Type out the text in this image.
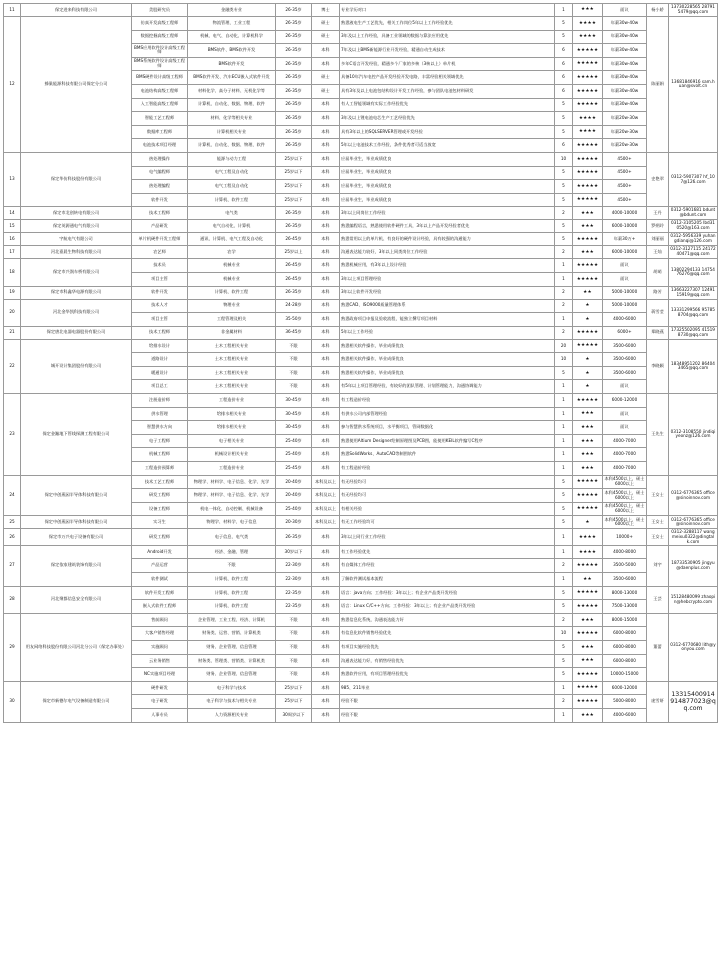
11	保定进来科技有限公司	美股研究员	金融类专业	26-35岁	博士	专业学历对口	1	★★★	面议	杨小娇	13730228565 287915479@qq.com
12	蜂巢能源科技有限公司保定分公司	仿真开发高级工程师	物流管理、工业工程	26-35岁	硕士	熟悉液电生产工艺优先，相关工作岗位5年以上工作经验优先	5	★★★★	年薪30w-40w	陈丽娟	13681846916 sam.huan@svolt.cn
		数据挖掘高级工程师	机械、电气、自动化、计算机科学	26-35岁	硕士	3年及以上工作经验，具备工业领域的数据与算法应用优先	5	★★★★	年薪30w-40w		
		BMS应用软件设计高级工程师	BMS软件、BMS软件开发	26-35岁	本科	7年及以上BMS新能源行业开发经验，精通自动生成技术	6	★★★★★	年薪30w-40w		
		BMS系统软件设计高级工程师	BMS软件开发	26-35岁	本科	多年C语言开发经验，精通多个厂家的多核（3核以上）单片机	6	★★★★★	年薪30w-40w		
		BMS硬件设计高级工程师	BMS软件开发、汽车ECU嵌入式软件开发	26-35岁	硕士	具备10年汽车电控产品开发经验开发电路，丰富经验相关领域优先	6	★★★★★	年薪30w-40w		
		电池结构高级工程师	材料化学、高分子材料、无机化学等	26-35岁	硕士	具有3年及以上电池包结构设计开发工作经验，参与团队电池包材料研发	6	★★★★★	年薪30w-40w		
		入工智能高级工程师	计算机、自动化、数据、物理、软件	26-35岁	本科	有人工智能领域有实际工作经验优先	5	★★★★★	年薪30w-40w		
		智能工艺工程师	材料、化学等相关专业	26-35岁	本科	3年及以上锂电池电芯生产工艺经验优先	5	★★★★	年薪20w-30w		
		数据库工程师	计算机相关专业	26-35岁	本科	具有3年以上的SQLSERVER管理或开发经验	5	★★★★	年薪20w-30w		
		电池技术项目经理	计算机、自动化、数据、物理、软件	26-35岁	本科	5年以上电池技术工作经验，条件优秀者可适当放宽	6	★★★★★	年薪20w-30w		
13	保定华仿科技股份有限公司	热处理操作	能源与动力工程	25岁以下	本科	应届毕业生，毕业成绩优良	10	★★★★★	4500+	史艳翠	0312-5907307 hf_107@126.com
		电气编程师	电气工程及自动化	25岁以下	本科	应届毕业生，毕业成绩优良	5	★★★★★	4500+		
		热处理编程	电气工程及自动化	25岁以下	本科	应届毕业生，毕业成绩优良	5	★★★★★	4500+		
		软件开发	计算机、软件工程	25岁以下	本科	应届毕业生，毕业成绩优良	5	★★★★★	4500+		
14	保定市北创转电有限公司	技术工程师	电气类	26-35岁	本科	3年以上同岗位工作经验	2	★★★	4000-10000	王丹	0312-5901681 bdunt@bdunt.com
15	保定英源通电气有限公司	产品研发	电气自动化、计算机	26-35岁	本科	熟悉编程语言，熟悉使用软件硬件工具，3年以上产品开发经验者优先	5	★★★	6000-10000	罗朔玲	0312-3105205 lbd310520@163.com
16	宇航电气有限公司	单片机硬件开发工程师	通讯、计算机、电气工程及自动化	26-45岁	本科	熟悉常用以上的单片机、有良好的硬件设计经验，具有较强的沟通能力	5	★★★★★	年薪30万+	刘丽丽	0312-5956339 yuhangdianqi@126.com
17	河北嘉晨生物科技有限公司	农艺师	农学	25岁以上	本科	沟通表达能力较好，3年以上同类岗位工作经验	2	★★★	6000-10000	王灿	0312-3127115 2417240471@qq.com
18	保定市兴润车桥有限公司	技术员	机械专业	26-45岁	本科	熟悉机械应用，有3年以上设计经验	1	★★★★★	面议	胡萌	13802294133 1475476276@qq.com
		项目主管	机械专业	26-45岁	本科	3年以上项目管理经验	1	★★★★★	面议		
19	保定市科鑫华电源有限公司	软件开发	计算机、软件工程	26-35岁	本科	3年以上软件开发经验	2	★★	5000-10000	路芳	13663227307 1249115919@qq.com
20	河北金华凯科技有限公司	技术人才	物理专业	24-28岁	本科	熟悉CAD、ISO9000质量管理体系	2	★	5000-10000	蒋雪莹	13331299566 957858704@qq.com
		项目主管	工程管理及相关	35-50岁	本科	熟悉政府项目申报及验收流程，能独立撰写项目材料	1	★	4000-6000		
21	保定唐北电器电器股份有限公司	技术工程师	非金属材料	36-45岁	本科	5年以上工作经验	2	★★★★★	6000+	郑晓燕	17325502095 415198730@qq.com
22	城开设计集团股份有限公司	给排水设计	土木工程相关专业	不限	本科	熟悉相关软件操作，毕业成绩优良	20	★★★★★	3500-6000	李晓颖	18348951202 864043465@qq.com
		道路设计	土木工程相关专业	不限	本科	熟悉相关软件操作，毕业成绩优良	10	★	3500-6000		
		暖通设计	土木工程相关专业	不限	本科	熟悉相关软件操作，毕业成绩优良	5	★	3500-6000		
		项目总工	土木工程相关专业	不限	本科	有5年以上项目管理经验，有较好的团队管理、计划管理能力，沟通协调能力	1	★	面议		
23	保定金瀚地下管线探测工程有限公司	注册造价师	工程造价专业	30-45岁	本科	有工程造价经验	1	★★★★★	6000-12000	王先生	0312-3108550 jindiqiyeonz@126.com
		供水管理	给排水相关专业	30-45岁	本科	有供水公司内部管理经验	1	★★★	面议		
		智慧供水方向	给排水相关专业	30-45岁	本科	参与智慧供水系统项目，水平衡项目，管网数据化	1	★★★	面议		
		电子工程师	电子相关专业	25-40岁	本科	熟悉使用Altium Designer绘制原理图及PCB图，能使用KEIL软件编写C程序	1	★★★	4000-7000		
		机械工程师	机械设计相关专业	25-40岁	本科	熟悉SolidWorks、AutoCAD等制图软件	1	★★★	4000-7000		
		工程造价预算师	工程造价专业	25-45岁	本科	有工程造价经验	1	★★★	4000-7000		
24	保定中创燕园半导体科技有限公司	技术工艺工程师	物理学、材料学、电子信息、化学、光学	20-40岁	本科及以上	有无经验均可	5	★★★★★	本科4500以上，硕士6000以上	王女士	0312-6776365 office@sinoinnov.com
		研发工程师	物理学、材料学、电子信息、化学、光学	20-40岁	本科及以上	有无经验均可	5	★★★★★	本科4500以上，硕士6000以上		
		设备工程师	机电一体化、自动控制、机械设备	25-40岁	本科及以上	有相关经验	5	★★★★★	本科4500以上，硕士6000以上		
25	保定中创燕园半导体科技有限公司	实习生	物理学、材料学、电子信息	20-30岁	本科及以上	有无工作经验均可	5	★	本科4500以上，硕士6000以上	王女士	0312-6776365 office@sinoinnov.com
26	保定市万兴电子设备有限公司	研发工程师	电子信息、电气类	26-35岁	本科	3年以上同行业工作经验	1	★★★★	10000+	王女士	0312-3288117 wangmeixu0322@dingtalk.com
27	保定依家建筑装饰有限公司	Android开发	经济、金融、管理	30岁以下	本科	有工作经验优先	1	★★★★	4000-8000	刘宇	18733530905 jingyu@daenplus.com
		产品运营	不限	22-30岁	本科	有自媒体工作经验	2	★★★★★	3500-5000		
		软件测试	计算机、软件工程	22-30岁	本科	了解软件测试基本流程	1	★★	3500-6000		
28	河北聚都信息安全有限公司	软件开发工程师	计算机、软件工程	22-35岁	本科	语言：java方向；工作经验：3年以上；有企业产品类开发经验	5	★★★★★	8000-13000	王芸	15128480099 zhaopin@hebcrypto.com
		嵌入式软件工程师	计算机、软件工程	22-35岁	本科	语言：Linux C/C++方向；工作经验：3年以上；有企业产品类开发经验	5	★★★★★	7500-13000		
29	用友网络科技股份有限公司河北分公司（保定办事处）	售前顾问	企业管理、工业工程、经济、计算机	不限	本科	熟悉信息化系统，沟通表达能力好	2	★★★	8000-15000	董蕾	0312-6770680 lith@yonyou.com
		大客户销售经理	财务类、运营、营销、计算机类	不限	本科	有信息化软件销售经验优先	10	★★★★★	6000-8000		
		实施顾问	财务、企业管理、信息管理	不限	本科	有项目实施经验优先	5	★★★	6000-8000		
		云业务销售	财务类、管理类、营销类、计算机类	不限	本科	沟通表达能力好，有销售经验优先	5	★★★	6000-8000		
		NC实施项目经理	财务、企业管理、信息管理	不限	本科	熟悉软件应用，有项目管理经验优先	5	★★★★★	10000-15000		
30	保定市新德尔电气设备制造有限公司	硬件研发	电子科学与技术	25岁以下	本科	985、211毕业	1	★★★★★	6000-12000	庞雪妍	13315400914 914877023@qq.com
		电子研发	电子科学与技术与相关专业	25岁以下	本科	经验不限	2	★★★★★	5000-8000		
		人事专员	人力资源相关专业	30周岁以下	本科	经验不限	1	★★★	4000-6000		
